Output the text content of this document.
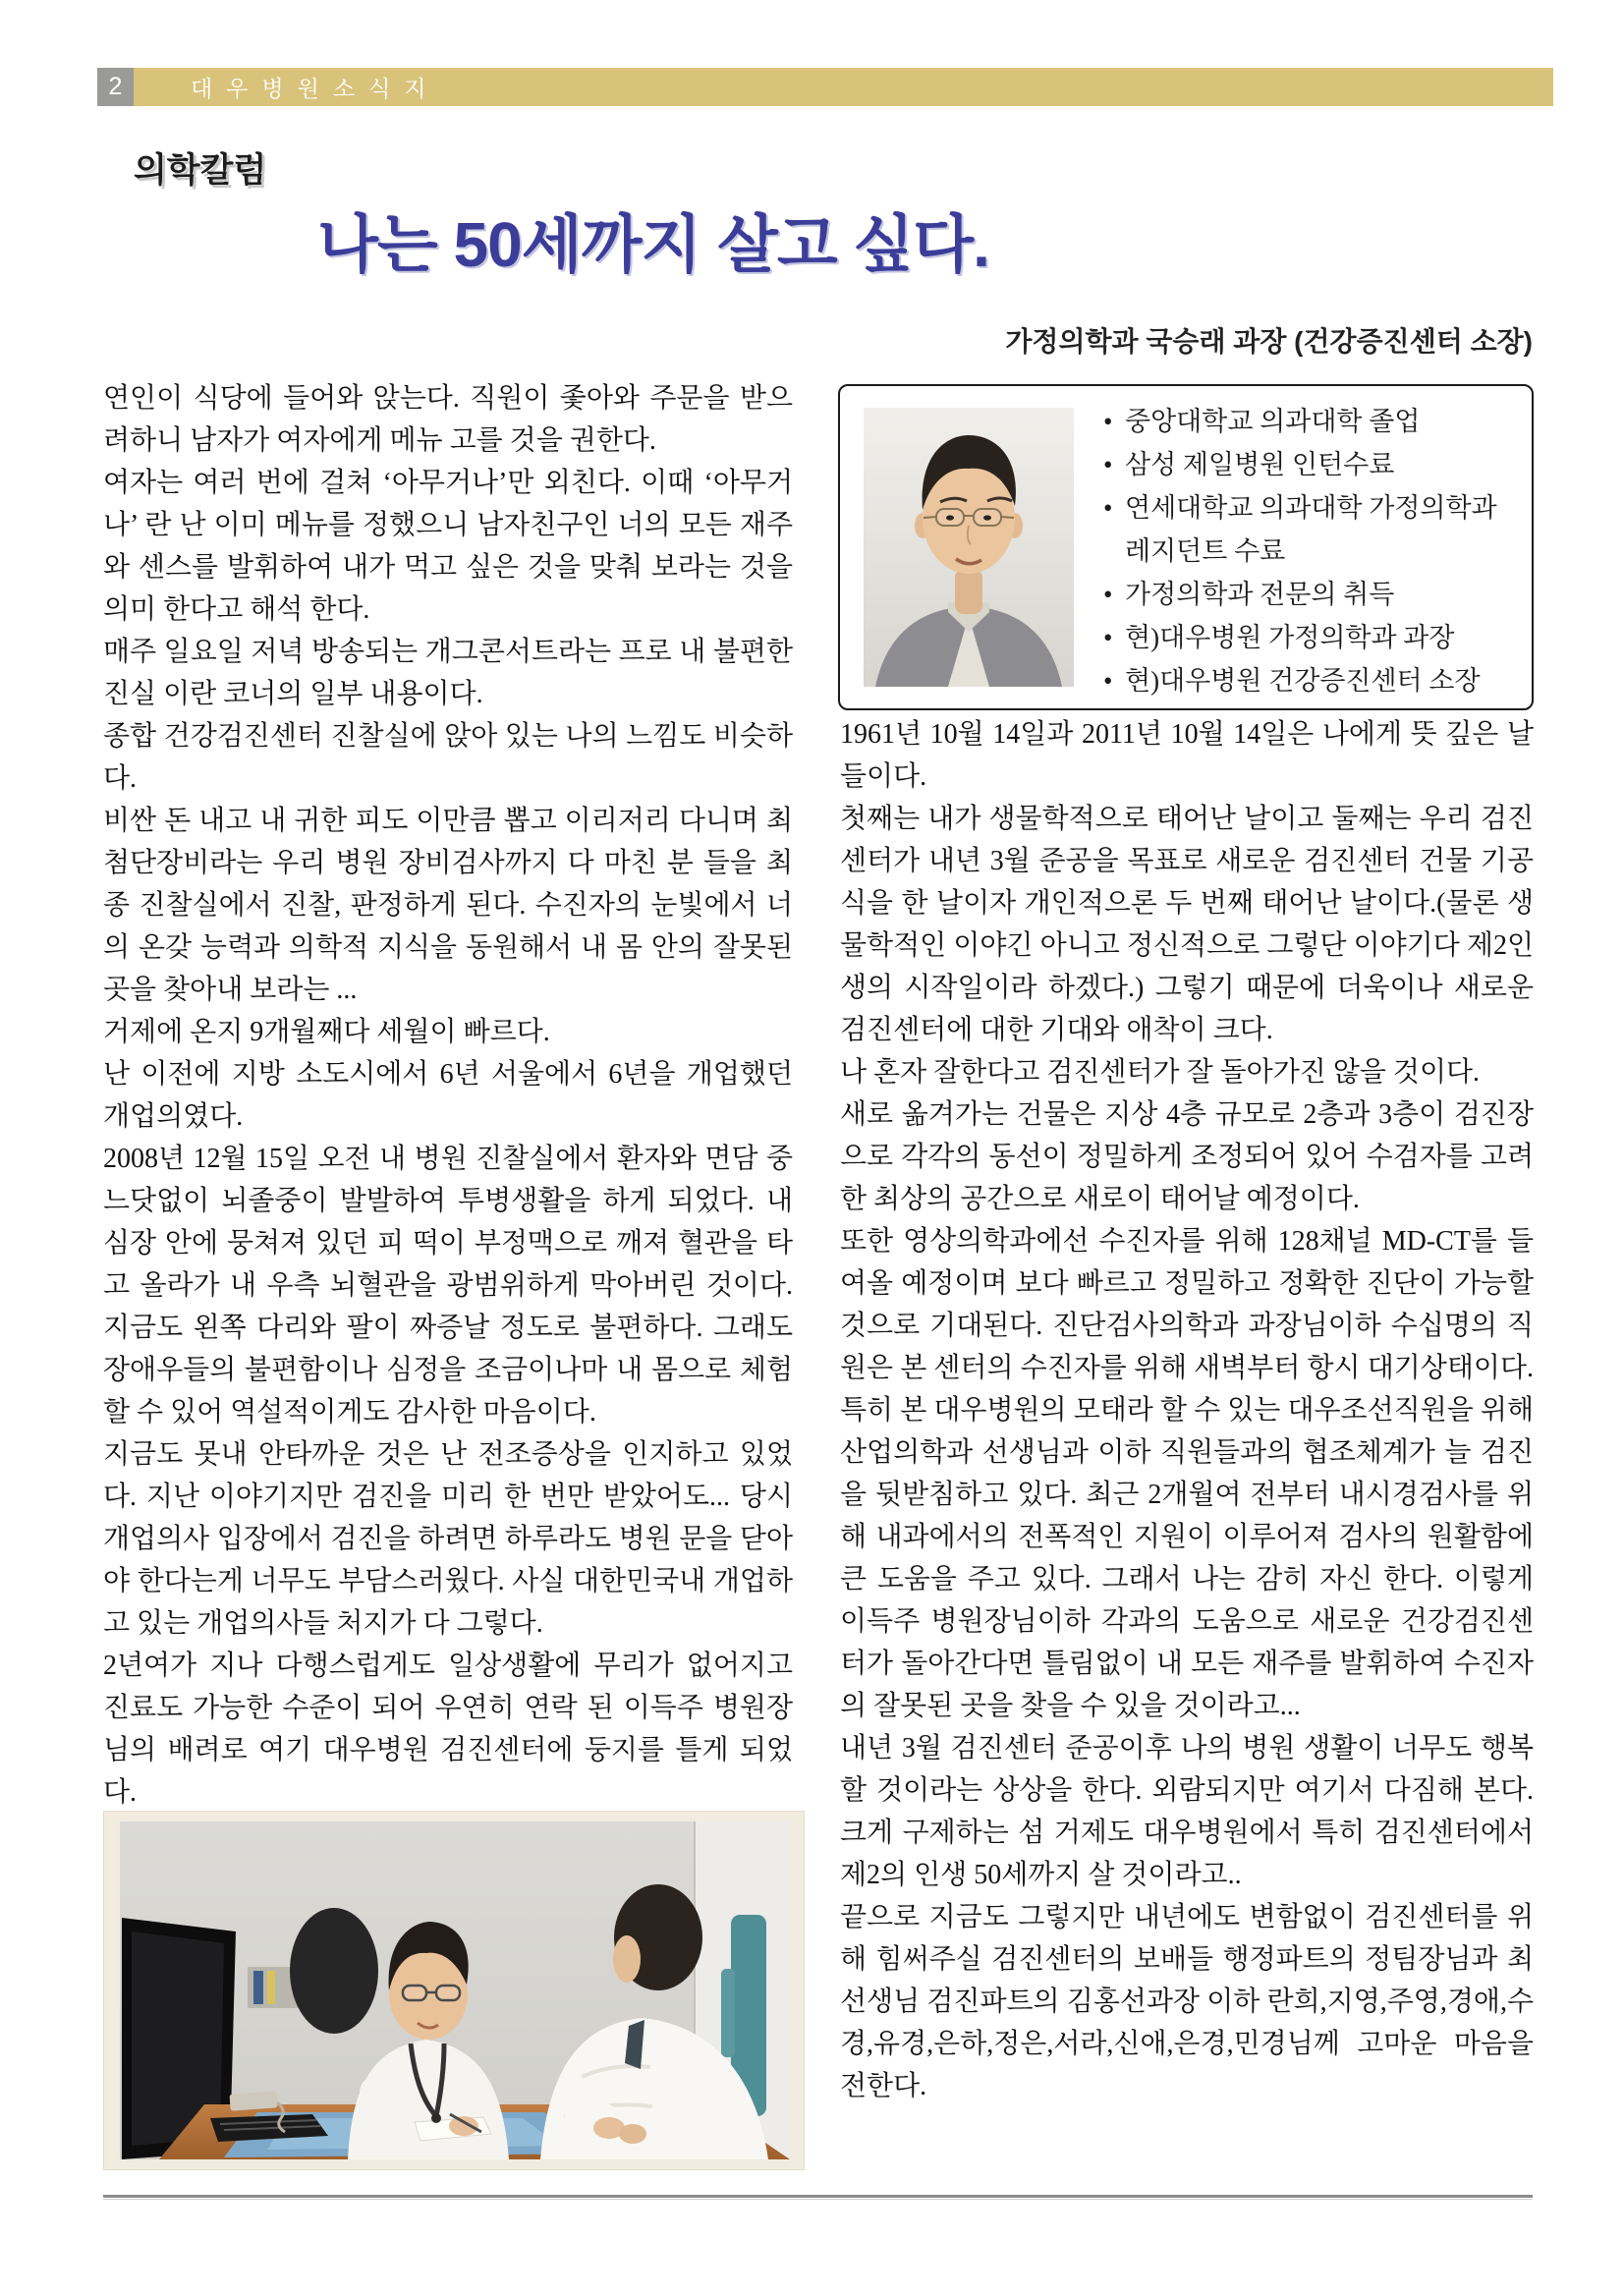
2	대우병원소식지
의학칼럼
나는 50세까지 살고 싶다.
가정의학과 국승래 과장 (건강증진센터 소장)
• 중앙대학교 의과대학 졸업
• 삼성 제일병원 인턴수료
• 연세대학교 의과대학 가정의학과 레지던트 수료
• 가정의학과 전문의 취득
• 현)대우병원 가정의학과 과장
• 현)대우병원 건강증진센터 소장

연인이 식당에 들어와 앉는다. 직원이 좇아와 주문을 받으려하니 남자가 여자에게 메뉴 고를 것을 권한다.

여자는 여러 번에 걸쳐 ‘아무거나’만 외친다. 이때 ‘아무거나’ 란 난 이미 메뉴를 정했으니 남자친구인 너의 모든 재주와 센스를 발휘하여 내가 먹고 싶은 것을 맞춰 보라는 것을 의미 한다고 해석 한다.

매주 일요일 저녁 방송되는 개그콘서트라는 프로 내 불편한 진실 이란 코너의 일부 내용이다.

종합 건강검진센터 진찰실에 앉아 있는 나의 느낌도 비슷하다.

비싼 돈 내고 내 귀한 피도 이만큼 뽑고 이리저리 다니며 최첨단장비라는 우리 병원 장비검사까지 다 마친 분 들을 최종 진찰실에서 진찰, 판정하게 된다. 수진자의 눈빛에서 너의 온갖 능력과 의학적 지식을 동원해서 내 몸 안의 잘못된 곳을 찾아내 보라는 ...

거제에 온지 9개월째다 세월이 빠르다.

난 이전에 지방 소도시에서 6년 서울에서 6년을 개업했던 개업의였다.

2008년 12월 15일 오전 내 병원 진찰실에서 환자와 면담 중 느닷없이 뇌졸중이 발발하여 투병생활을 하게 되었다. 내 심장 안에 뭉쳐져 있던 피 떡이 부정맥으로 깨져 혈관을 타고 올라가 내 우측 뇌혈관을 광범위하게 막아버린 것이다. 지금도 왼쪽 다리와 팔이 짜증날 정도로 불편하다. 그래도 장애우들의 불편함이나 심정을 조금이나마 내 몸으로 체험할 수 있어 역설적이게도 감사한 마음이다.

지금도 못내 안타까운 것은 난 전조증상을 인지하고 있었다. 지난 이야기지만 검진을 미리 한 번만 받았어도... 당시 개업의사 입장에서 검진을 하려면 하루라도 병원 문을 닫아야 한다는게 너무도 부담스러웠다. 사실 대한민국내 개업하고 있는 개업의사들 처지가 다 그렇다.

2년여가 지나 다행스럽게도 일상생활에 무리가 없어지고 진료도 가능한 수준이 되어 우연히 연락 된 이득주 병원장님의 배려로 여기 대우병원 검진센터에 둥지를 틀게 되었다.

1961년 10월 14일과 2011년 10월 14일은 나에게 뜻 깊은 날 들이다.

첫째는 내가 생물학적으로 태어난 날이고 둘째는 우리 검진센터가 내년 3월 준공을 목표로 새로운 검진센터 건물 기공식을 한 날이자 개인적으론 두 번째 태어난 날이다.(물론 생물학적인 이야긴 아니고 정신적으로 그렇단 이야기다 제2인생의 시작일이라 하겠다.) 그렇기 때문에 더욱이나 새로운 검진센터에 대한 기대와 애착이 크다.

나 혼자 잘한다고 검진센터가 잘 돌아가진 않을 것이다.

새로 옮겨가는 건물은 지상 4층 규모로 2층과 3층이 검진장으로 각각의 동선이 정밀하게 조정되어 있어 수검자를 고려한 최상의 공간으로 새로이 태어날 예정이다.

또한 영상의학과에선 수진자를 위해 128채널 MD-CT를 들여올 예정이며 보다 빠르고 정밀하고 정확한 진단이 가능할 것으로 기대된다. 진단검사의학과 과장님이하 수십명의 직원은 본 센터의 수진자를 위해 새벽부터 항시 대기상태이다. 특히 본 대우병원의 모태라 할 수 있는 대우조선직원을 위해 산업의학과 선생님과 이하 직원들과의 협조체계가 늘 검진을 뒷받침하고 있다. 최근 2개월여 전부터 내시경검사를 위해 내과에서의 전폭적인 지원이 이루어져 검사의 원활함에 큰 도움을 주고 있다. 그래서 나는 감히 자신 한다. 이렇게 이득주 병원장님이하 각과의 도움으로 새로운 건강검진센터가 돌아간다면 틀림없이 내 모든 재주를 발휘하여 수진자의 잘못된 곳을 찾을 수 있을 것이라고...

내년 3월 검진센터 준공이후 나의 병원 생활이 너무도 행복할 것이라는 상상을 한다. 외람되지만 여기서 다짐해 본다. 크게 구제하는 섬 거제도 대우병원에서 특히 검진센터에서 제2의 인생 50세까지 살 것이라고..

끝으로 지금도 그렇지만 내년에도 변함없이 검진센터를 위해 힘써주실 검진센터의 보배들 행정파트의 정팀장님과 최선생님 검진파트의 김홍선과장 이하 란희,지영,주영,경애,수경,유경,은하,정은,서라,신애,은경,민경님께 고마운 마음을 전한다.
